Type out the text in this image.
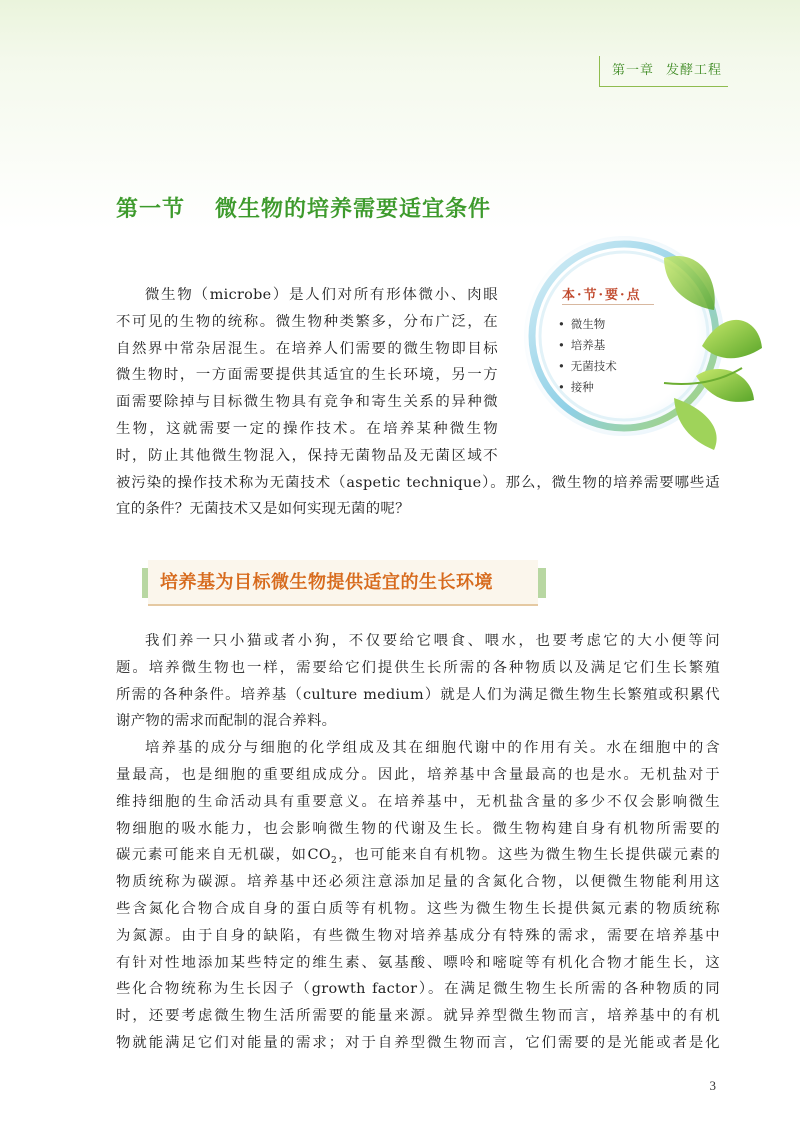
第一章 发酵工程
第一节 微生物的培养需要适宜条件
本·节·要·点
• 微生物
• 培养基
• 无菌技术
• 接种

微生物（microbe）是人们对所有形体微小、肉眼

不可见的生物的统称。微生物种类繁多，分布广泛，在

自然界中常杂居混生。在培养人们需要的微生物即目标

微生物时，一方面需要提供其适宜的生长环境，另一方

面需要除掉与目标微生物具有竞争和寄生关系的异种微

生物，这就需要一定的操作技术。在培养某种微生物

时，防止其他微生物混入，保持无菌物品及无菌区域不

被污染的操作技术称为无菌技术（aspetic technique）。那么，微生物的培养需要哪些适

宜的条件？无菌技术又是如何实现无菌的呢？

培养基为目标微生物提供适宜的生长环境

我们养一只小猫或者小狗，不仅要给它喂食、喂水，也要考虑它的大小便等问

题。培养微生物也一样，需要给它们提供生长所需的各种物质以及满足它们生长繁殖

所需的各种条件。培养基（culture medium）就是人们为满足微生物生长繁殖或积累代

谢产物的需求而配制的混合养料。

培养基的成分与细胞的化学组成及其在细胞代谢中的作用有关。水在细胞中的含

量最高，也是细胞的重要组成成分。因此，培养基中含量最高的也是水。无机盐对于

维持细胞的生命活动具有重要意义。在培养基中，无机盐含量的多少不仅会影响微生

物细胞的吸水能力，也会影响微生物的代谢及生长。微生物构建自身有机物所需要的

碳元素可能来自无机碳，如$CO_2$，也可能来自有机物。这些为微生物生长提供碳元素的

物质统称为碳源。培养基中还必须注意添加足量的含氮化合物，以便微生物能利用这

些含氮化合物合成自身的蛋白质等有机物。这些为微生物生长提供氮元素的物质统称

为氮源。由于自身的缺陷，有些微生物对培养基成分有特殊的需求，需要在培养基中

有针对性地添加某些特定的维生素、氨基酸、嘌呤和嘧啶等有机化合物才能生长，这

些化合物统称为生长因子（growth factor）。在满足微生物生长所需的各种物质的同

时，还要考虑微生物生活所需要的能量来源。就异养型微生物而言，培养基中的有机

物就能满足它们对能量的需求；对于自养型微生物而言，它们需要的是光能或者是化

3
